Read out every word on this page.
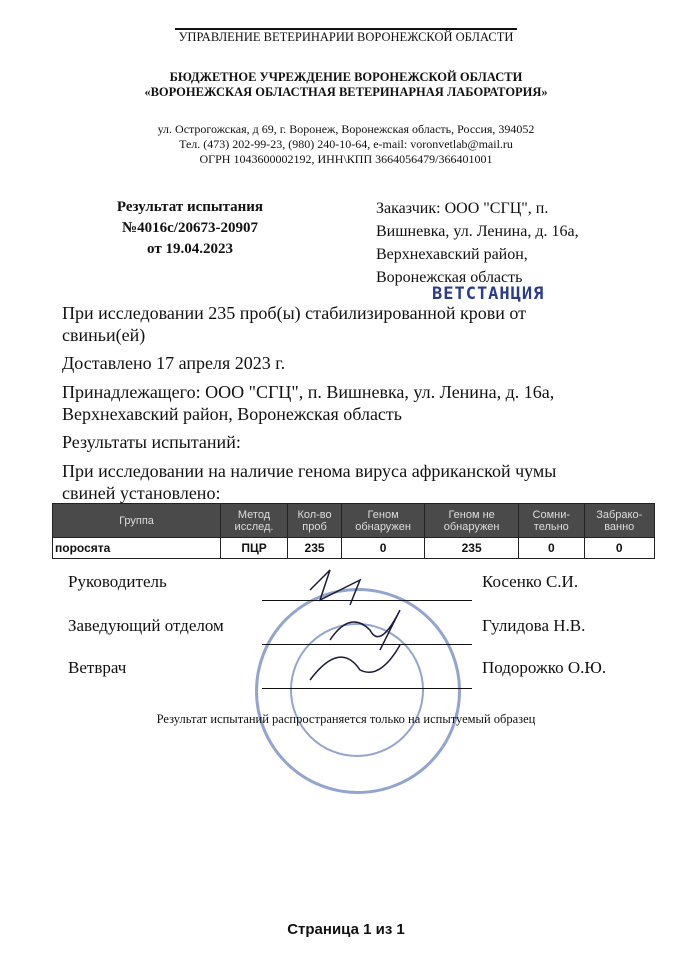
УПРАВЛЕНИЕ ВЕТЕРИНАРИИ ВОРОНЕЖСКОЙ ОБЛАСТИ
БЮДЖЕТНОЕ УЧРЕЖДЕНИЕ ВОРОНЕЖСКОЙ ОБЛАСТИ
«ВОРОНЕЖСКАЯ ОБЛАСТНАЯ ВЕТЕРИНАРНАЯ ЛАБОРАТОРИЯ»
ул. Острогожская, д 69, г. Воронеж, Воронежская область, Россия, 394052
Тел. (473) 202-99-23, (980) 240-10-64, e-mail: voronvetlab@mail.ru
ОГРН 1043600002192, ИНН\КПП 3664056479/366401001
Результат испытания
№4016с/20673-20907
от 19.04.2023
Заказчик: ООО "СГЦ", п.
Вишневка, ул. Ленина, д. 16а,
Верхнехавский район,
Воронежская область
ВЕТСТАНЦИЯ
При исследовании 235 проб(ы) стабилизированной крови от
свиньи(ей)
Доставлено 17 апреля 2023 г.
Принадлежащего: ООО "СГЦ", п. Вишневка, ул. Ленина, д. 16а,
Верхнехавский район, Воронежская область
Результаты испытаний:
При исследовании на наличие генома вируса африканской чумы
свиней установлено:
Группа	Метод исслед.	Кол-во проб	Геном обнаружен	Геном не обнаружен	Сомни-тельно	Забрако-ванно
поросята	ПЦР	235	0	235	0	0
Руководитель	Косенко С.И.
Заведующий отделом	Гулидова Н.В.
Ветврач	Подорожко О.Ю.
Результат испытаний распространяется только на испытуемый образец
Страница 1 из 1
